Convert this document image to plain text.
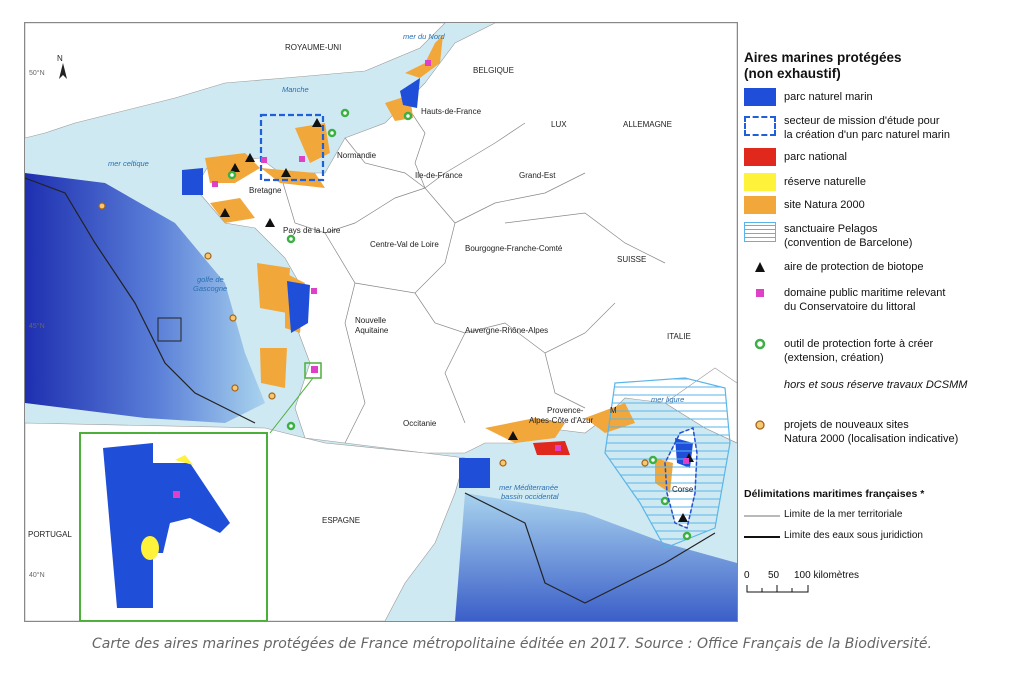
N
ROYAUME-UNI
BELGIQUE
LUX	ALLEMAGNE
SUISSE
ITALIE
ESPAGNE
PORTUGAL
Hauts-de-France
Normandie
Bretagne
Ile-de-France	Grand-Est
Pays de la Loire
Centre-Val de Loire	Bourgogne-Franche-Comté
Nouvelle
Aquitaine	Auvergne-Rhône-Alpes
Occitanie
Provence-
Alpes-Côte d'Azur
Corse
M
mer du Nord
Manche
mer celtique
golfe de
Gascogne
mer ligure
mer Méditerranée
bassin occidental
50°N
45°N
40°N
Aires marines protégées
(non exhaustif)
parc naturel marin
secteur de mission d'étude pour
la création d'un parc naturel marin
parc national
réserve naturelle
site Natura 2000
sanctuaire Pelagos
(convention de Barcelone)
aire de protection de biotope
domaine public maritime relevant
du Conservatoire du littoral
outil de protection forte à créer
(extension, création)
hors et sous réserve travaux DCSMM
projets de nouveaux sites
Natura 2000 (localisation indicative)
Délimitations maritimes françaises *
Limite de la mer territoriale
Limite des eaux sous juridiction
0 50 100 kilomètres
Carte des aires marines protégées de France métropolitaine éditée en 2017. Source : Office Français de la Biodiversité.
